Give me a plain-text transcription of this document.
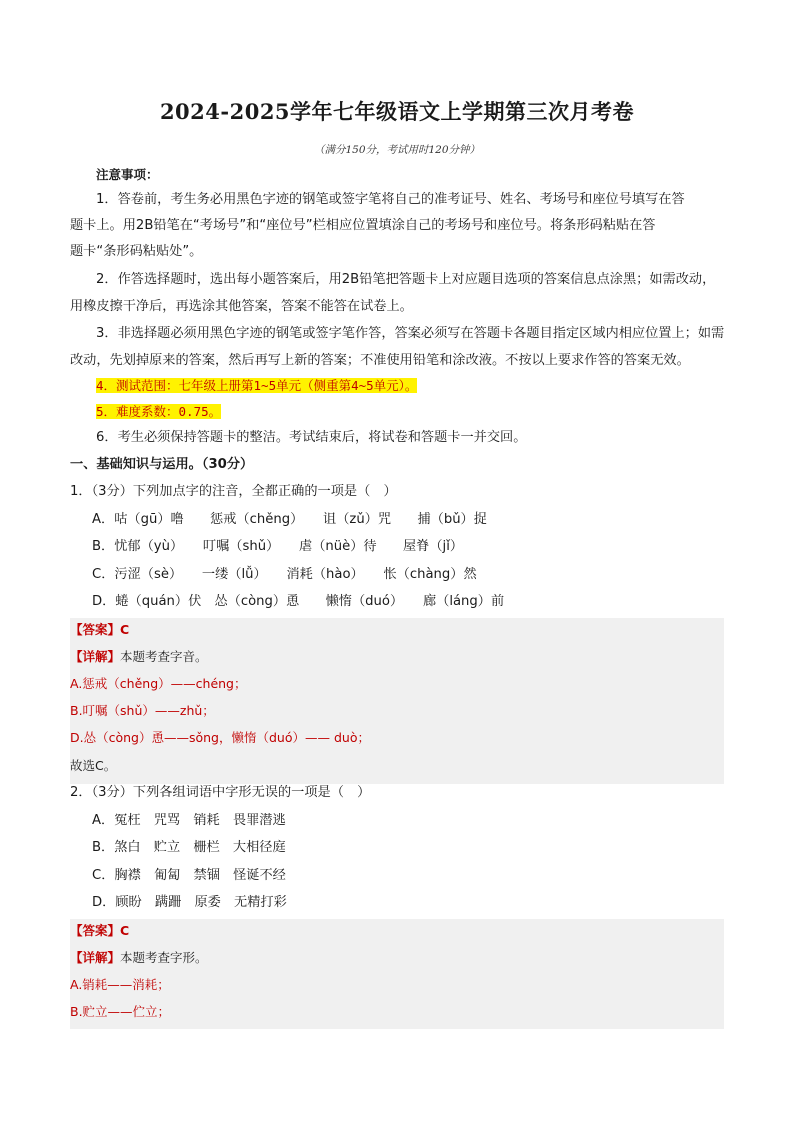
2024-2025学年七年级语文上学期第三次月考卷
（满分150分，考试用时120分钟）
注意事项：
1．答卷前，考生务必用黑色字迹的钢笔或签字笔将自己的准考证号、姓名、考场号和座位号填写在答
题卡上。用2B铅笔在“考场号”和“座位号”栏相应位置填涂自己的考场号和座位号。将条形码粘贴在答
题卡“条形码粘贴处”。
2．作答选择题时，选出每小题答案后，用2B铅笔把答题卡上对应题目选项的答案信息点涂黑；如需改动，
用橡皮擦干净后，再选涂其他答案，答案不能答在试卷上。
3．非选择题必须用黑色字迹的钢笔或签字笔作答，答案必须写在答题卡各题目指定区域内相应位置上；如需
改动，先划掉原来的答案，然后再写上新的答案；不准使用铅笔和涂改液。不按以上要求作答的答案无效。
4．测试范围：七年级上册第1~5单元（侧重第4~5单元）。
5．难度系数：0.75。
6．考生必须保持答题卡的整洁。考试结束后，将试卷和答题卡一并交回。
一、基础知识与运用。（30分）
1．（3分）下列加点字的注音，全都正确的一项是（　）
A．咕（gū）噜　　惩戒（chěng）　　诅（zǔ）咒　　捕（bǔ）捉
B．忧郁（yù）　　叮嘱（shǔ）　　虐（nüè）待　　屋脊（jǐ）
C．污涩（sè）　　一缕（lǚ）　　消耗（hào）　　怅（chàng）然
D．蜷（quán）伏　怂（còng）恿　　懒惰（duó）　　廊（láng）前
【答案】C
【详解】本题考查字音。
A.惩戒（chěng）——chéng；
B.叮嘱（shǔ）——zhǔ；
D.怂（còng）恿——sǒng，懒惰（duó）—— duò；
故选C。
2．（3分）下列各组词语中字形无误的一项是（　）
A．冤枉　咒骂　销耗　畏罪潜逃
B．煞白　贮立　栅栏　大相径庭
C．胸襟　匍匐　禁锢　怪诞不经
D．顾盼　蹒跚　原委　无精打彩
【答案】C
【详解】本题考查字形。
A.销耗——消耗；
B.贮立——伫立；
